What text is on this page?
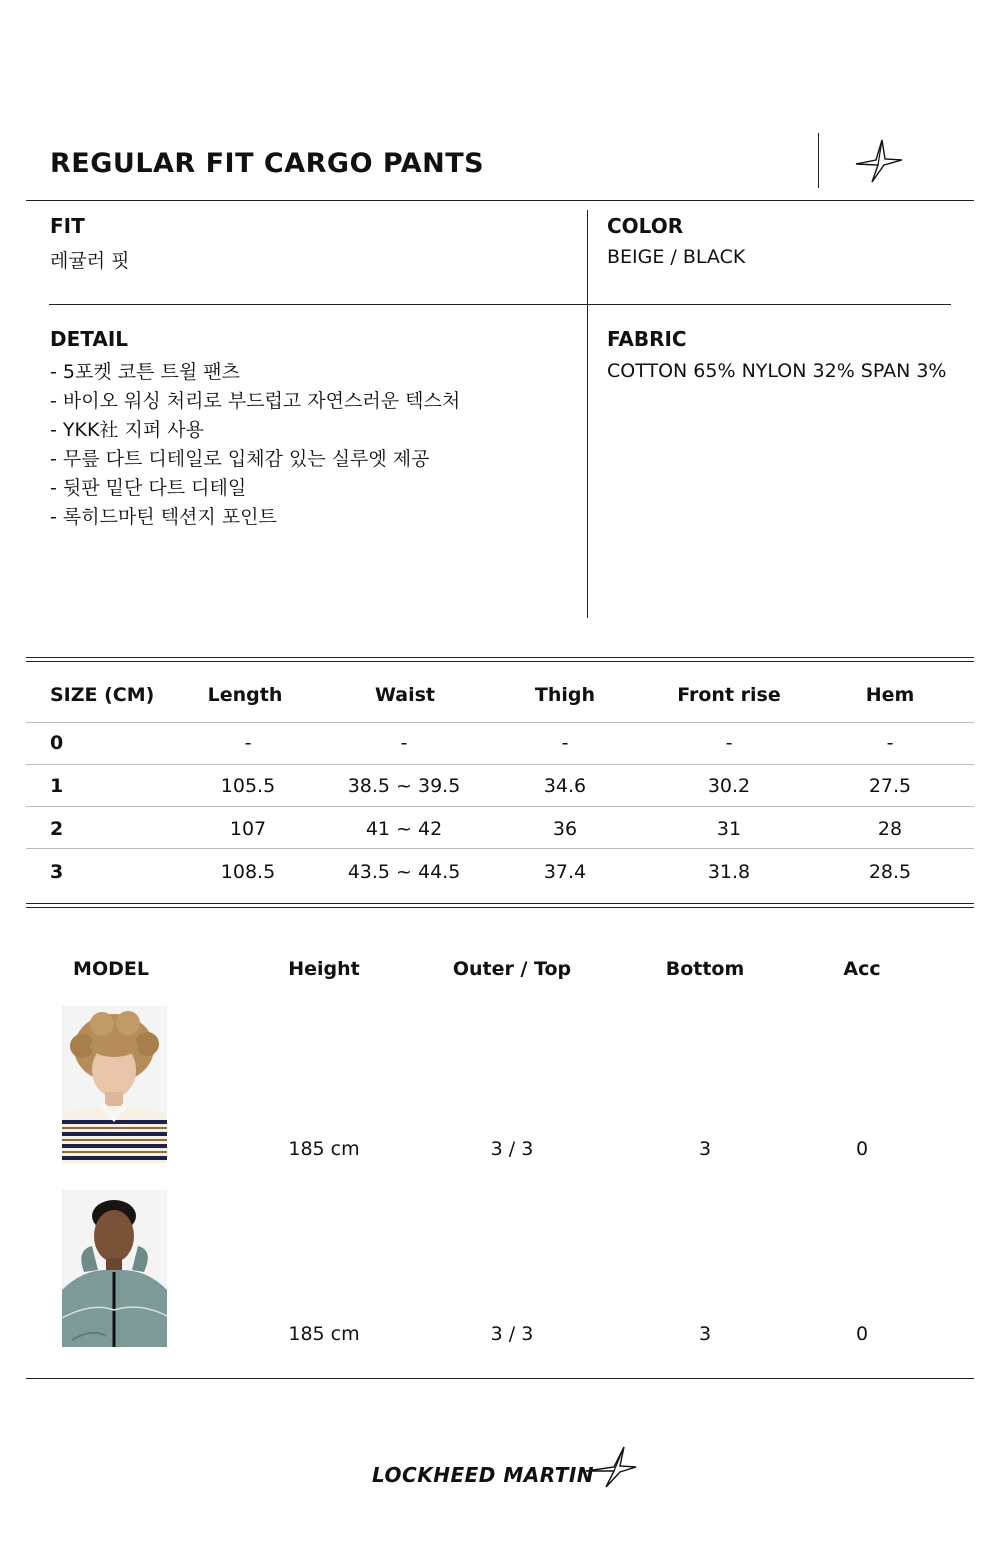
REGULAR FIT CARGO PANTS
FIT
레귤러 핏
COLOR
BEIGE / BLACK
DETAIL
- 5포켓 코튼 트윌 팬츠
- 바이오 워싱 처리로 부드럽고 자연스러운 텍스처
- YKK社 지퍼 사용
- 무릎 다트 디테일로 입체감 있는 실루엣 제공
- 뒷판 밑단 다트 디테일
- 록히드마틴 텍션지 포인트
FABRIC
COTTON 65% NYLON 32% SPAN 3%
SIZE (CM)	Length	Waist	Thigh	Front rise	Hem
0	-	-	-	-	-
1	105.5	38.5 ~ 39.5	34.6	30.2	27.5
2	107	41 ~ 42	36	31	28
3	108.5	43.5 ~ 44.5	37.4	31.8	28.5
MODEL	Height	Outer / Top	Bottom	Acc
185 cm	3 / 3	3	0
185 cm	3 / 3	3	0
LOCKHEED MARTIN
